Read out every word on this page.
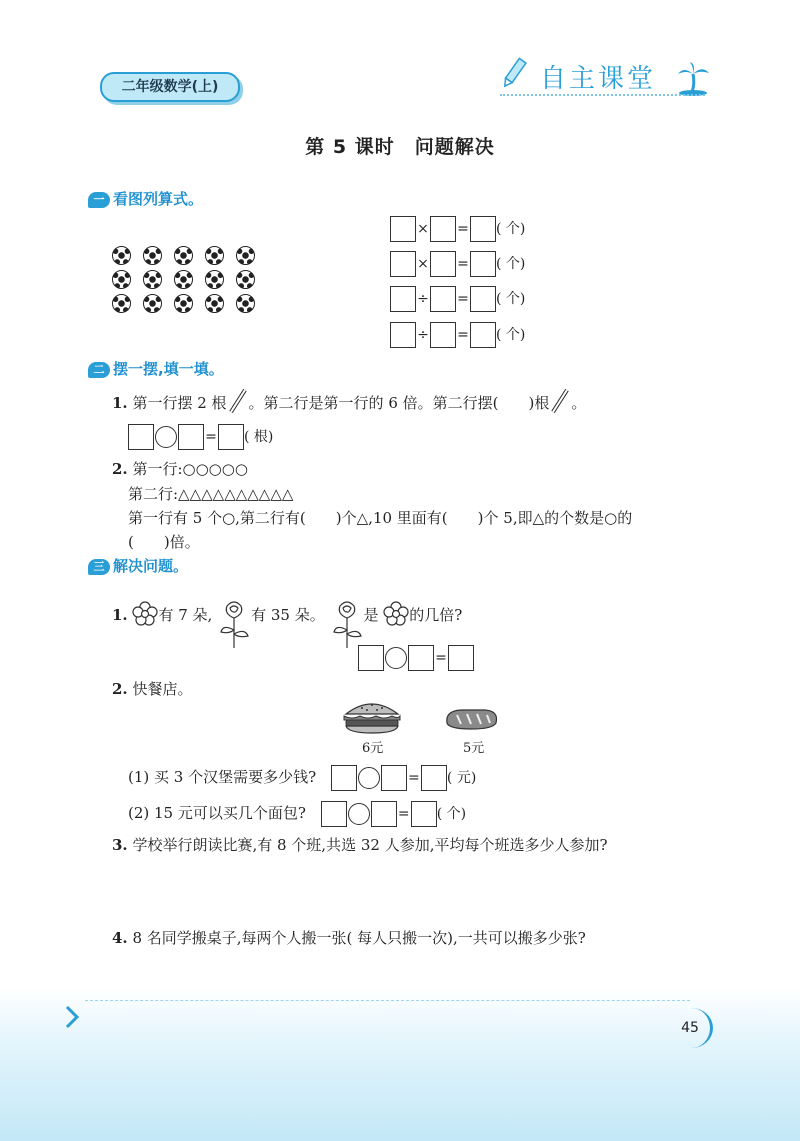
二年级数学(上)	自主课堂
第 5 课时　问题解决
一 看图列算式。
× = ( 个)
× = ( 个)
÷ = ( 个)
÷ = ( 个)
二 摆一摆,填一填。
1. 第一行摆 2 根 。第二行是第一行的 6 倍。第二行摆(　　)根 。
= ( 根)
2. 第一行:○○○○○
第二行:△△△△△△△△△△
第一行有 5 个○,第二行有(　　)个△,10 里面有(　　)个 5,即△的个数是○的
(　　)倍。
三 解决问题。
1. 有 7 朵,	有 35 朵。	是 的几倍?
=
2. 快餐店。
6元	5元
(1) 买 3 个汉堡需要多少钱?	= ( 元)
(2) 15 元可以买几个面包?	= ( 个)
3. 学校举行朗读比赛,有 8 个班,共选 32 人参加,平均每个班选多少人参加?
4. 8 名同学搬桌子,每两个人搬一张( 每人只搬一次),一共可以搬多少张?
45
